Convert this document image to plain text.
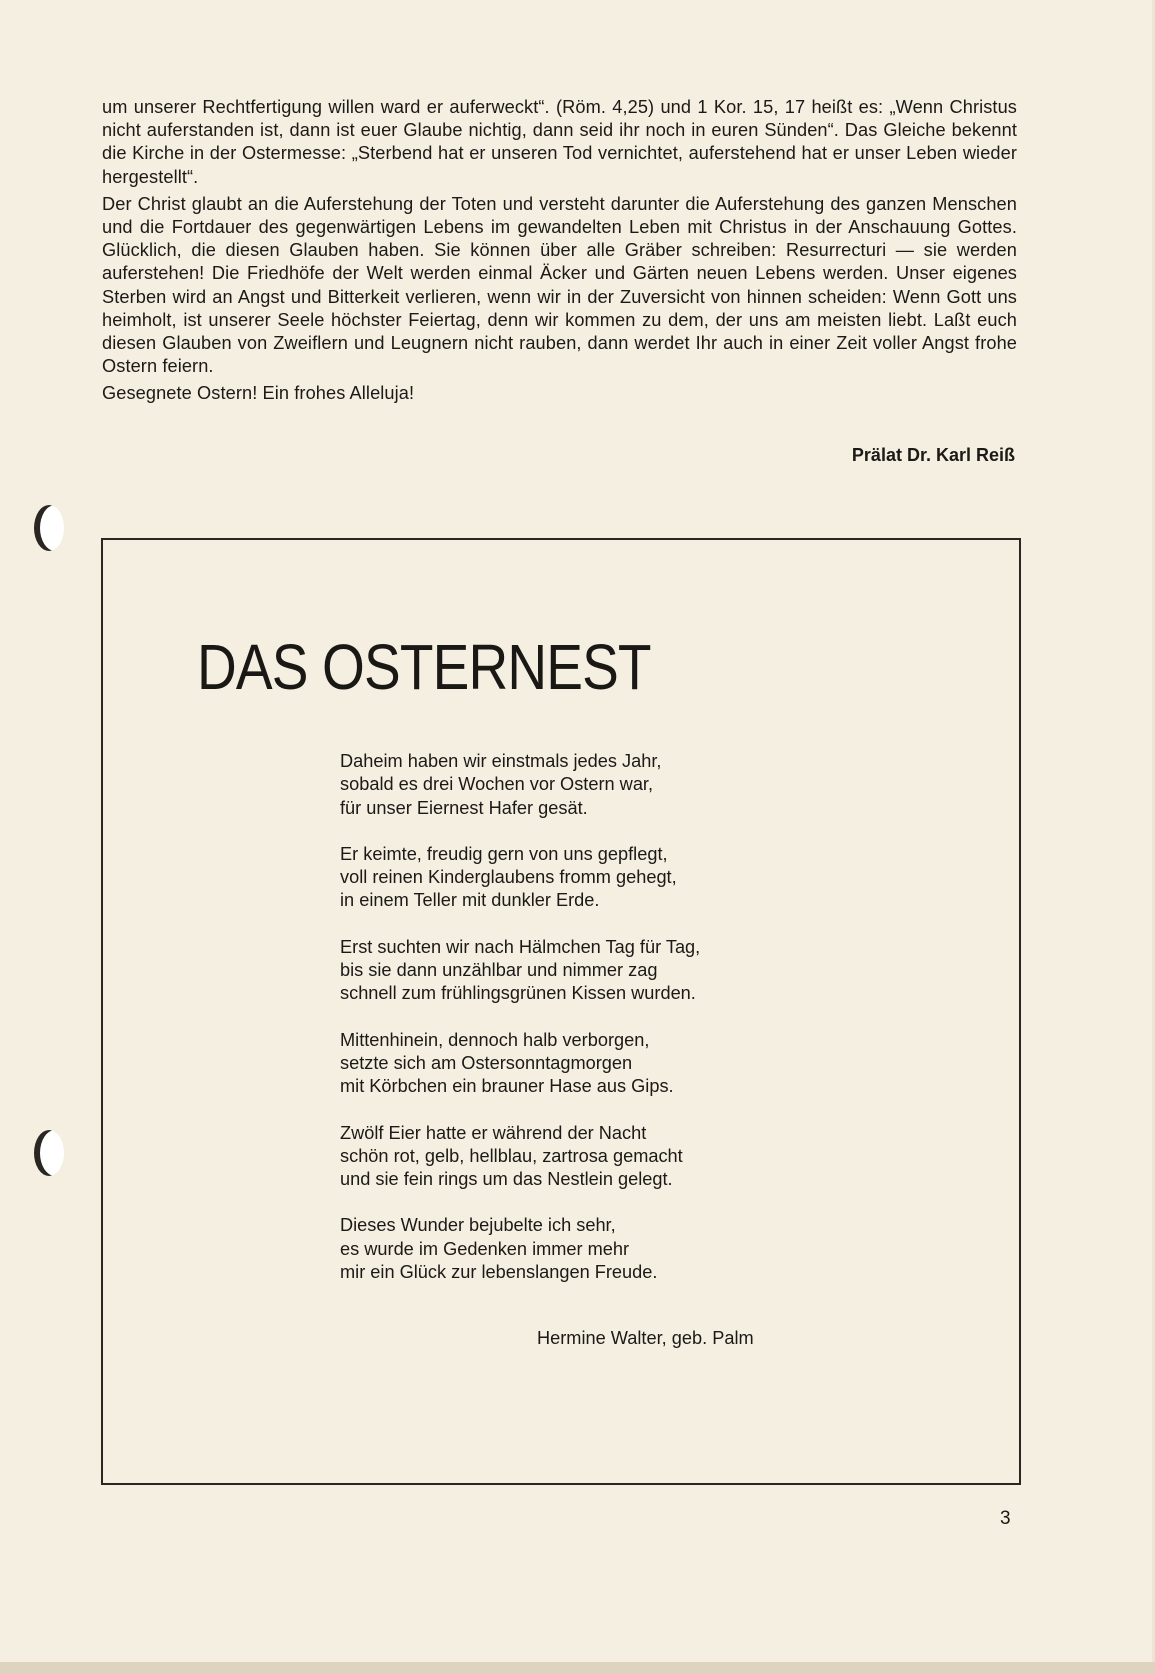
um unserer Rechtfertigung willen ward er auferweckt“. (Röm. 4,25) und 1 Kor. 15, 17 heißt es: „Wenn Christus nicht auferstanden ist, dann ist euer Glaube nichtig, dann seid ihr noch in euren Sünden“. Das Gleiche bekennt die Kirche in der Ostermesse: „Sterbend hat er unseren Tod vernichtet, auferstehend hat er unser Leben wieder hergestellt“.

Der Christ glaubt an die Auferstehung der Toten und versteht darunter die Auferstehung des ganzen Menschen und die Fortdauer des gegenwärtigen Lebens im gewandelten Leben mit Christus in der Anschauung Gottes. Glücklich, die diesen Glauben haben. Sie können über alle Gräber schreiben: Resurrecturi — sie werden auferstehen! Die Friedhöfe der Welt werden einmal Äcker und Gärten neuen Lebens werden. Unser eigenes Sterben wird an Angst und Bitterkeit verlieren, wenn wir in der Zuversicht von hinnen scheiden: Wenn Gott uns heimholt, ist unserer Seele höchster Feiertag, denn wir kommen zu dem, der uns am meisten liebt. Laßt euch diesen Glauben von Zweiflern und Leugnern nicht rauben, dann werdet Ihr auch in einer Zeit voller Angst frohe Ostern feiern.

Gesegnete Ostern! Ein frohes Alleluja!

Prälat Dr. Karl Reiß
DAS OSTERNEST
Daheim haben wir einstmals jedes Jahr,
sobald es drei Wochen vor Ostern war,
für unser Eiernest Hafer gesät.
Er keimte, freudig gern von uns gepflegt,
voll reinen Kinderglaubens fromm gehegt,
in einem Teller mit dunkler Erde.
Erst suchten wir nach Hälmchen Tag für Tag,
bis sie dann unzählbar und nimmer zag
schnell zum frühlingsgrünen Kissen wurden.
Mittenhinein, dennoch halb verborgen,
setzte sich am Ostersonntagmorgen
mit Körbchen ein brauner Hase aus Gips.
Zwölf Eier hatte er während der Nacht
schön rot, gelb, hellblau, zartrosa gemacht
und sie fein rings um das Nestlein gelegt.
Dieses Wunder bejubelte ich sehr,
es wurde im Gedenken immer mehr
mir ein Glück zur lebenslangen Freude.
Hermine Walter, geb. Palm
3
